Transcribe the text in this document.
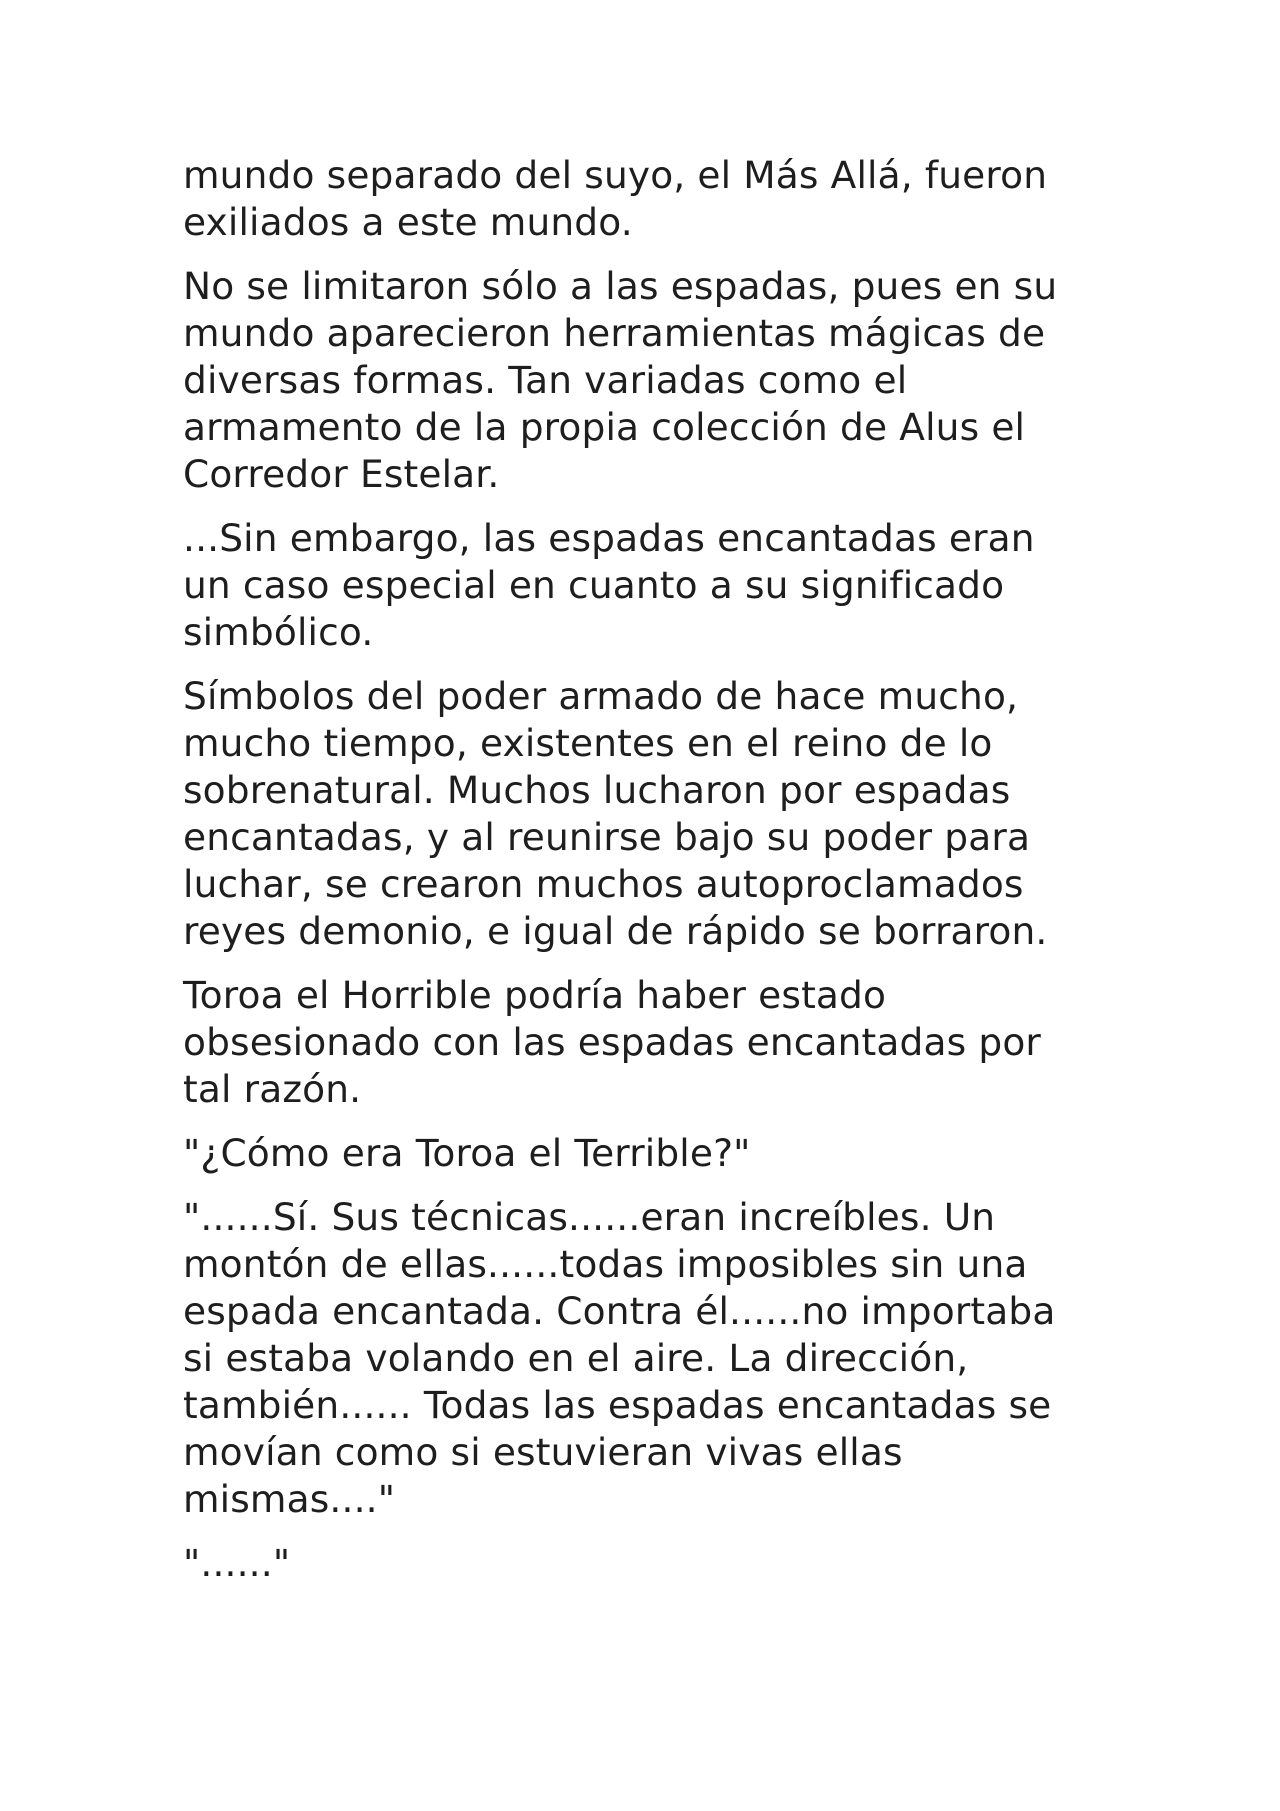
mundo separado del suyo, el Más Allá, fueron
exiliados a este mundo.

No se limitaron sólo a las espadas, pues en su
mundo aparecieron herramientas mágicas de
diversas formas. Tan variadas como el
armamento de la propia colección de Alus el
Corredor Estelar.

...Sin embargo, las espadas encantadas eran
un caso especial en cuanto a su significado
simbólico.

Símbolos del poder armado de hace mucho,
mucho tiempo, existentes en el reino de lo
sobrenatural. Muchos lucharon por espadas
encantadas, y al reunirse bajo su poder para
luchar, se crearon muchos autoproclamados
reyes demonio, e igual de rápido se borraron.

Toroa el Horrible podría haber estado
obsesionado con las espadas encantadas por
tal razón.

"¿Cómo era Toroa el Terrible?"

"......Sí. Sus técnicas......eran increíbles. Un
montón de ellas......todas imposibles sin una
espada encantada. Contra él......no importaba
si estaba volando en el aire. La dirección,
también...... Todas las espadas encantadas se
movían como si estuvieran vivas ellas
mismas...."

"......"
